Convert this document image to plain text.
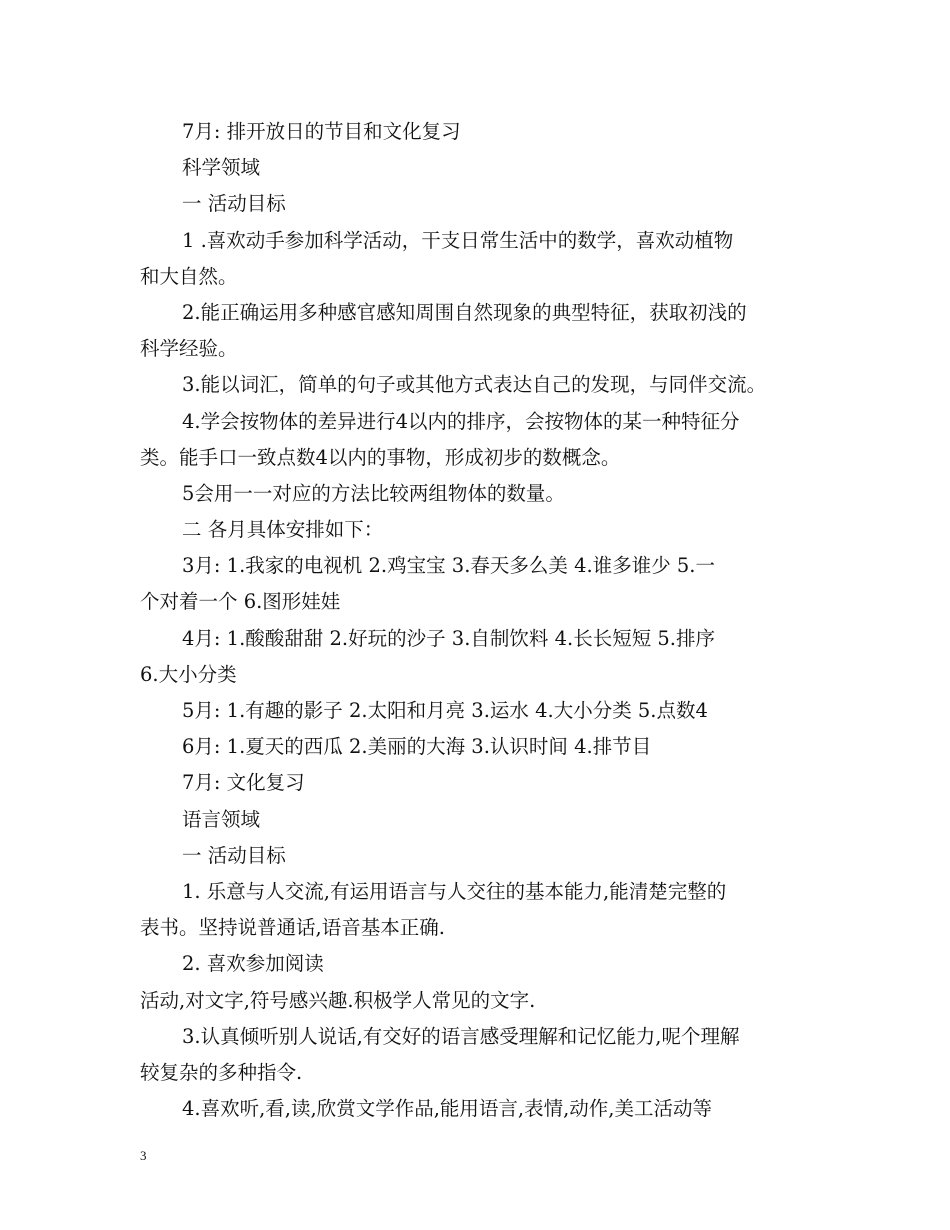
7月: 排开放日的节目和文化复习
科学领域
一 活动目标
1 .喜欢动手参加科学活动，干支日常生活中的数学，喜欢动植物
和大自然。
2.能正确运用多种感官感知周围自然现象的典型特征，获取初浅的
科学经验。
3.能以词汇，简单的句子或其他方式表达自己的发现，与同伴交流。
4.学会按物体的差异进行4以内的排序，会按物体的某一种特征分
类。能手口一致点数4以内的事物，形成初步的数概念。
5会用一一对应的方法比较两组物体的数量。
二 各月具体安排如下：
3月: 1.我家的电视机 2.鸡宝宝 3.春天多么美 4.谁多谁少 5.一
个对着一个 6.图形娃娃
4月: 1.酸酸甜甜 2.好玩的沙子 3.自制饮料 4.长长短短 5.排序
6.大小分类
5月: 1.有趣的影子 2.太阳和月亮 3.运水 4.大小分类 5.点数4
6月: 1.夏天的西瓜 2.美丽的大海 3.认识时间 4.排节目
7月: 文化复习
语言领域
一 活动目标
1. 乐意与人交流,有运用语言与人交往的基本能力,能清楚完整的
表书。坚持说普通话,语音基本正确.
2. 喜欢参加阅读
活动,对文字,符号感兴趣.积极学人常见的文字.
3.认真倾听别人说话,有交好的语言感受理解和记忆能力,呢个理解
较复杂的多种指令.
4.喜欢听,看,读,欣赏文学作品,能用语言,表情,动作,美工活动等
3
